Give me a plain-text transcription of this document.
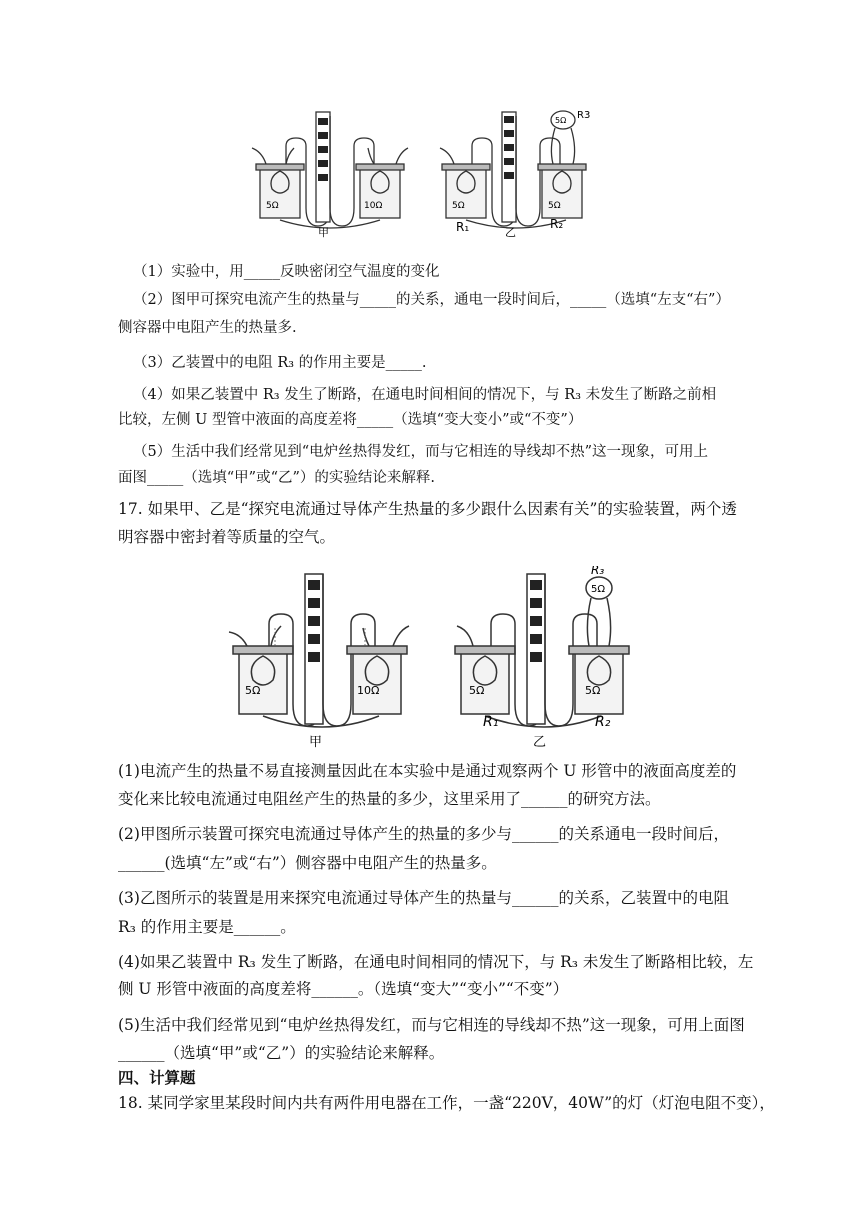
5Ω	10Ω	5Ω	5Ω
5Ω R3
甲	R₁	乙
R₂
（1）实验中，用_____反映密闭空气温度的变化
（2）图甲可探究电流产生的热量与_____的关系，通电一段时间后，_____（选填“左支“右”）
侧容器中电阻产生的热量多.
（3）乙装置中的电阻 R₃ 的作用主要是_____.
（4）如果乙装置中 R₃ 发生了断路，在通电时间相间的情况下，与 R₃ 未发生了断路之前相
比较，左侧 U 型管中液面的高度差将_____（选填“变大变小”或“不变”）
（5）生活中我们经常见到“电炉丝热得发红，而与它相连的导线却不热”这一现象，可用上
面图_____（选填“甲”或“乙”）的实验结论来解释.
17. 如果甲、乙是“探究电流通过导体产生热量的多少跟什么因素有关”的实验装置，两个透
明容器中密封着等质量的空气。
5Ω	10Ω	5Ω	5Ω
5Ω
R₃
甲
R₁
乙
R₂
(1)电流产生的热量不易直接测量因此在本实验中是通过观察两个 U 形管中的液面高度差的
变化来比较电流通过电阻丝产生的热量的多少，这里采用了______的研究方法。
(2)甲图所示装置可探究电流通过导体产生的热量的多少与______的关系通电一段时间后，
______(选填“左”或“右”）侧容器中电阻产生的热量多。
(3)乙图所示的装置是用来探究电流通过导体产生的热量与______的关系，乙装置中的电阻
R₃ 的作用主要是______。
(4)如果乙装置中 R₃ 发生了断路，在通电时间相同的情况下，与 R₃ 未发生了断路相比较，左
侧 U 形管中液面的高度差将______。（选填“变大”“变小”“不变”）
(5)生活中我们经常见到“电炉丝热得发红，而与它相连的导线却不热”这一现象，可用上面图
______（选填“甲”或“乙”）的实验结论来解释。
四、计算题
18. 某同学家里某段时间内共有两件用电器在工作，一盏“220V，40W”的灯（灯泡电阻不变），
